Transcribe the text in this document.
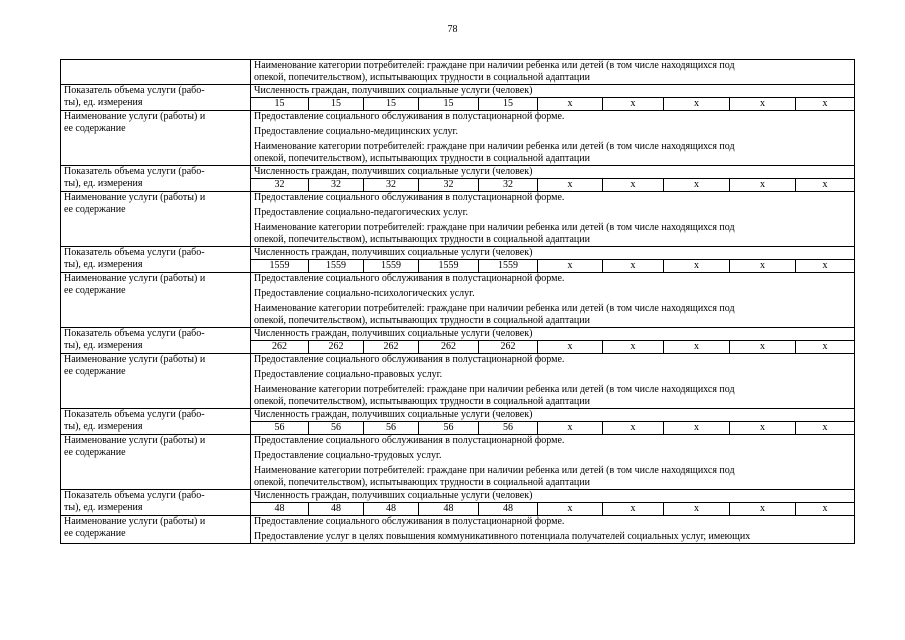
78

	Наименование категории потребителей: граждане при наличии ребенка или детей (в том числе находящихся под
опекой, попечительством), испытывающих трудности в социальной адаптации									

Показатель объема услуги (рабо-
ты), ед. измерения	Численность граждан, получивших социальные услуги (человек)									
	15	15	15	15	15	x	x	x	x	x

Наименование услуги (работы) и
ее содержание	Предоставление социального обслуживания в полустационарной форме.
Предоставление социально-медицинских услуг.
Наименование категории потребителей: граждане при наличии ребенка или детей (в том числе находящихся под
опекой, попечительством), испытывающих трудности в социальной адаптации									

Показатель объема услуги (рабо-
ты), ед. измерения	Численность граждан, получивших социальные услуги (человек)									
	32	32	32	32	32	x	x	x	x	x

Наименование услуги (работы) и
ее содержание	Предоставление социального обслуживания в полустационарной форме.
Предоставление социально-педагогических услуг.
Наименование категории потребителей: граждане при наличии ребенка или детей (в том числе находящихся под
опекой, попечительством), испытывающих трудности в социальной адаптации									

Показатель объема услуги (рабо-
ты), ед. измерения	Численность граждан, получивших социальные услуги (человек)									
	1559	1559	1559	1559	1559	x	x	x	x	x

Наименование услуги (работы) и
ее содержание	Предоставление социального обслуживания в полустационарной форме.
Предоставление социально-психологических услуг.
Наименование категории потребителей: граждане при наличии ребенка или детей (в том числе находящихся под
опекой, попечительством), испытывающих трудности в социальной адаптации									

Показатель объема услуги (рабо-
ты), ед. измерения	Численность граждан, получивших социальные услуги (человек)									
	262	262	262	262	262	x	x	x	x	x

Наименование услуги (работы) и
ее содержание	Предоставление социального обслуживания в полустационарной форме.
Предоставление социально-правовых услуг.
Наименование категории потребителей: граждане при наличии ребенка или детей (в том числе находящихся под
опекой, попечительством), испытывающих трудности в социальной адаптации									

Показатель объема услуги (рабо-
ты), ед. измерения	Численность граждан, получивших социальные услуги (человек)									
	56	56	56	56	56	x	x	x	x	x

Наименование услуги (работы) и
ее содержание	Предоставление социального обслуживания в полустационарной форме.
Предоставление социально-трудовых услуг.
Наименование категории потребителей: граждане при наличии ребенка или детей (в том числе находящихся под
опекой, попечительством), испытывающих трудности в социальной адаптации									

Показатель объема услуги (рабо-
ты), ед. измерения	Численность граждан, получивших социальные услуги (человек)									
	48	48	48	48	48	x	x	x	x	x

Наименование услуги (работы) и
ее содержание	Предоставление социального обслуживания в полустационарной форме.
Предоставление услуг в целях повышения коммуникативного потенциала получателей социальных услуг, имеющих									
